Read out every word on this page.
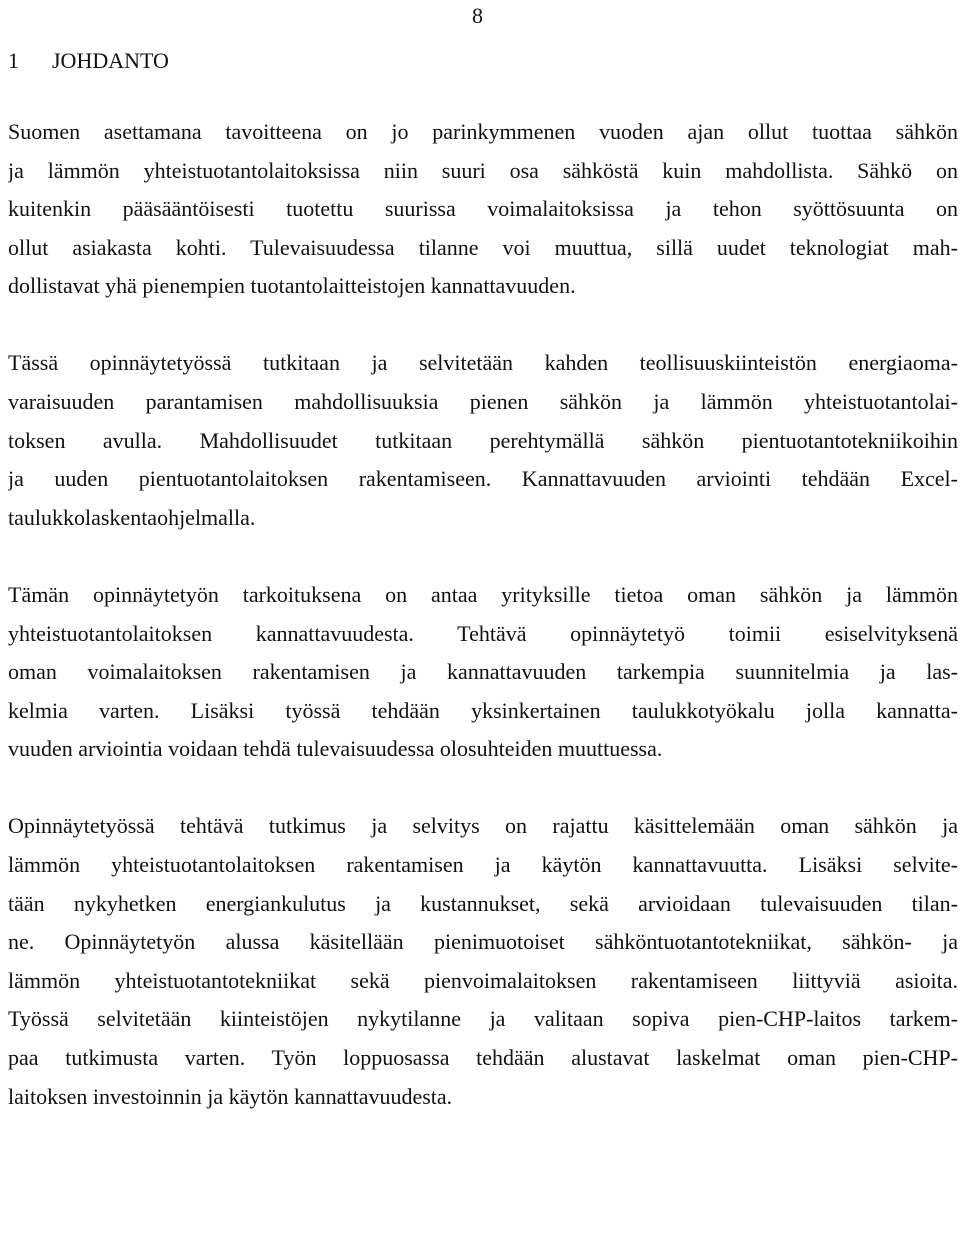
8
1 JOHDANTO
Suomen asettamana tavoitteena on jo parinkymmenen vuoden ajan ollut tuottaa sähkön
ja lämmön yhteistuotantolaitoksissa niin suuri osa sähköstä kuin mahdollista. Sähkö on
kuitenkin pääsääntöisesti tuotettu suurissa voimalaitoksissa ja tehon syöttösuunta on
ollut asiakasta kohti. Tulevaisuudessa tilanne voi muuttua, sillä uudet teknologiat mah-
dollistavat yhä pienempien tuotantolaitteistojen kannattavuuden.
Tässä opinnäytetyössä tutkitaan ja selvitetään kahden teollisuuskiinteistön energiaoma-
varaisuuden parantamisen mahdollisuuksia pienen sähkön ja lämmön yhteistuotantolai-
toksen avulla. Mahdollisuudet tutkitaan perehtymällä sähkön pientuotantotekniikoihin
ja uuden pientuotantolaitoksen rakentamiseen. Kannattavuuden arviointi tehdään Excel-
taulukkolaskentaohjelmalla.
Tämän opinnäytetyön tarkoituksena on antaa yrityksille tietoa oman sähkön ja lämmön
yhteistuotantolaitoksen kannattavuudesta. Tehtävä opinnäytetyö toimii esiselvityksenä
oman voimalaitoksen rakentamisen ja kannattavuuden tarkempia suunnitelmia ja las-
kelmia varten. Lisäksi työssä tehdään yksinkertainen taulukkotyökalu jolla kannatta-
vuuden arviointia voidaan tehdä tulevaisuudessa olosuhteiden muuttuessa.
Opinnäytetyössä tehtävä tutkimus ja selvitys on rajattu käsittelemään oman sähkön ja
lämmön yhteistuotantolaitoksen rakentamisen ja käytön kannattavuutta. Lisäksi selvite-
tään nykyhetken energiankulutus ja kustannukset, sekä arvioidaan tulevaisuuden tilan-
ne. Opinnäytetyön alussa käsitellään pienimuotoiset sähköntuotantotekniikat, sähkön- ja
lämmön yhteistuotantotekniikat sekä pienvoimalaitoksen rakentamiseen liittyviä asioita.
Työssä selvitetään kiinteistöjen nykytilanne ja valitaan sopiva pien-CHP-laitos tarkem-
paa tutkimusta varten. Työn loppuosassa tehdään alustavat laskelmat oman pien-CHP-
laitoksen investoinnin ja käytön kannattavuudesta.
